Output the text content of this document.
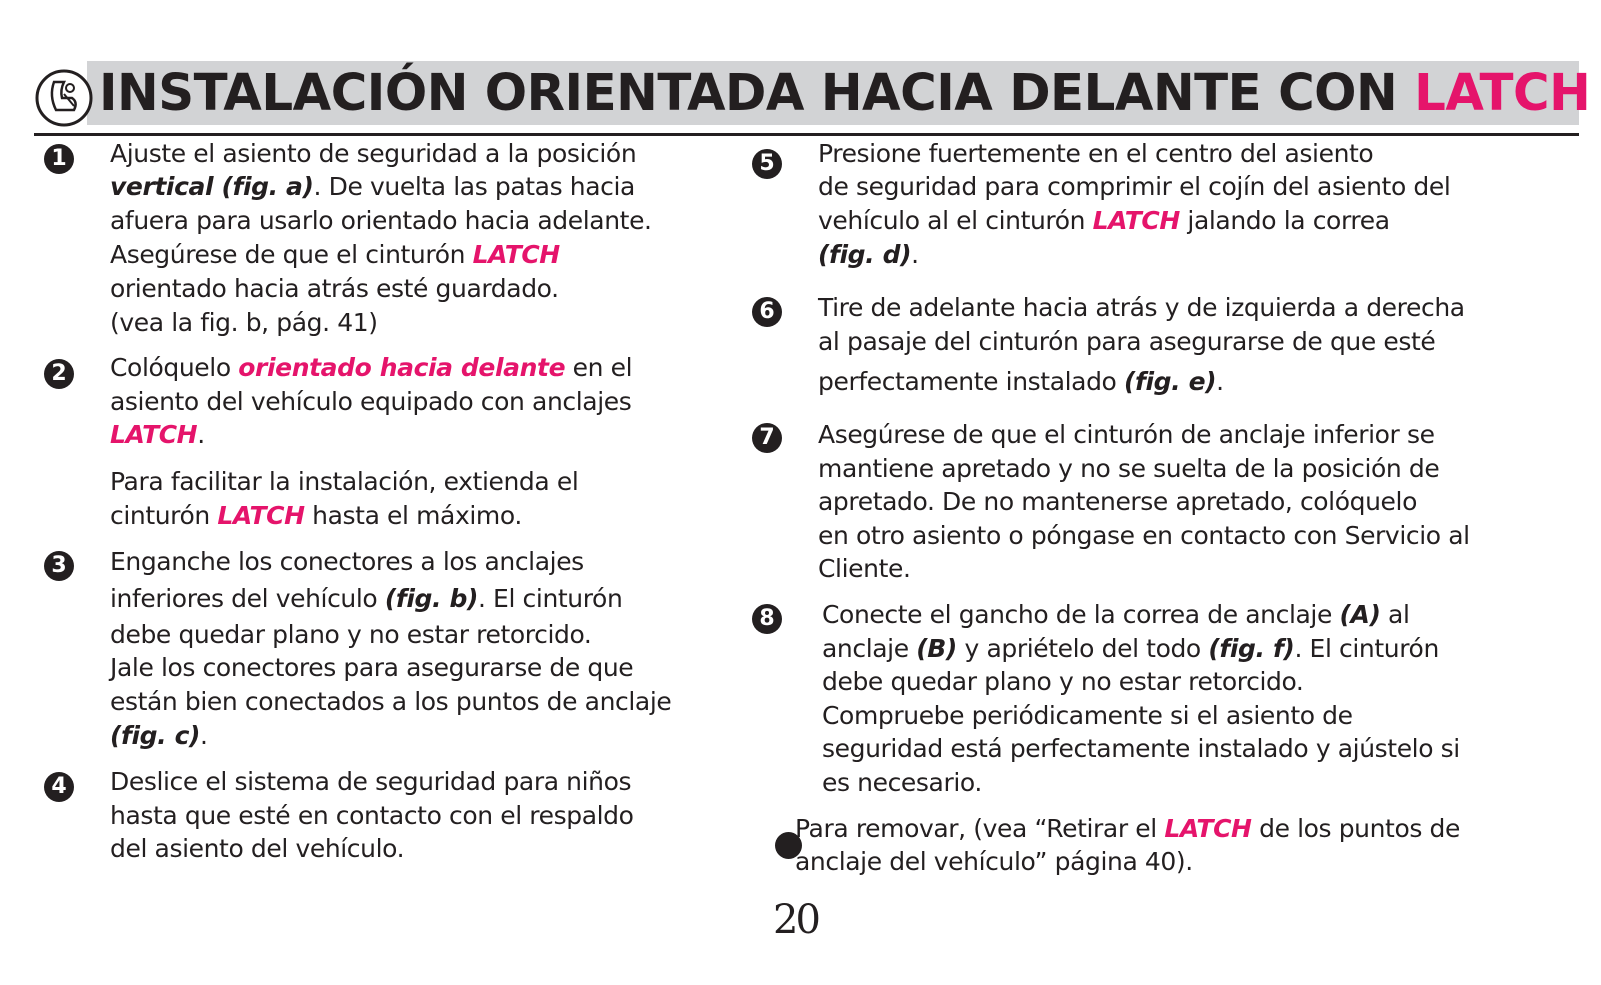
INSTALACIÓN ORIENTADA HACIA DELANTE CON LATCH
1 Ajuste el asiento de seguridad a la posición
vertical (fig. a). De vuelta las patas hacia
afuera para usarlo orientado hacia adelante.
Asegúrese de que el cinturón LATCH
orientado hacia atrás esté guardado.
(vea la fig. b, pág. 41)
2 Colóquelo orientado hacia delante en el
asiento del vehículo equipado con anclajes
LATCH.
Para facilitar la instalación, extienda el
cinturón LATCH hasta el máximo.
3 Enganche los conectores a los anclajes
inferiores del vehículo (fig. b). El cinturón
debe quedar plano y no estar retorcido.
Jale los conectores para asegurarse de que
están bien conectados a los puntos de anclaje
(fig. c).
4 Deslice el sistema de seguridad para niños
hasta que esté en contacto con el respaldo
del asiento del vehículo.
5 Presione fuertemente en el centro del asiento
de seguridad para comprimir el cojín del asiento del
vehículo al el cinturón LATCH jalando la correa
(fig. d).
6 Tire de adelante hacia atrás y de izquierda a derecha
al pasaje del cinturón para asegurarse de que esté
perfectamente instalado (fig. e).
7 Asegúrese de que el cinturón de anclaje inferior se
mantiene apretado y no se suelta de la posición de
apretado. De no mantenerse apretado, colóquelo
en otro asiento o póngase en contacto con Servicio al
Cliente.
8 Conecte el gancho de la correa de anclaje (A) al
anclaje (B) y apriételo del todo (fig. f). El cinturón
debe quedar plano y no estar retorcido.
Compruebe periódicamente si el asiento de
seguridad está perfectamente instalado y ajústelo si
es necesario.
Para removar, (vea “Retirar el LATCH de los puntos de
anclaje del vehículo” página 40).
20
